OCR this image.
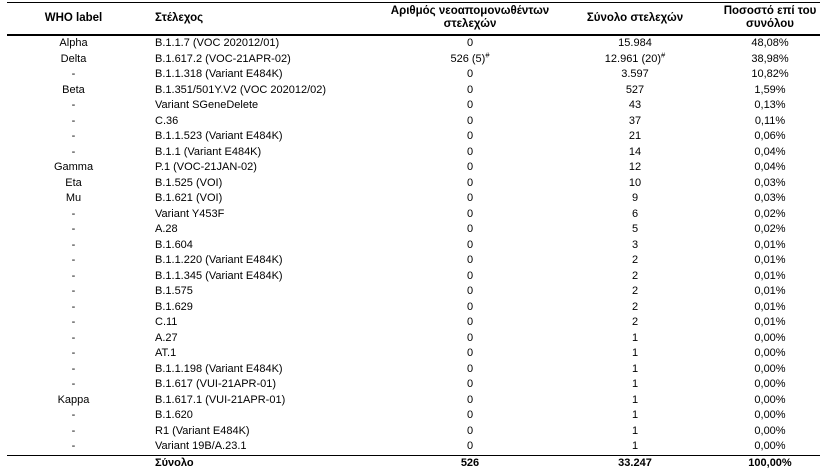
WHO label	Στέλεχος	Αριθμός νεοαπομονωθέντων στελεχών	Σύνολο στελεχών	Ποσοστό επί του συνόλου
Alpha	B.1.1.7 (VOC 202012/01)	0	15.984	48,08%
Delta	B.1.617.2 (VOC-21APR-02)	526 (5)#	12.961 (20)#	38,98%
-	B.1.1.318 (Variant E484K)	0	3.597	10,82%
Beta	B.1.351/501Y.V2 (VOC 202012/02)	0	527	1,59%
-	Variant SGeneDelete	0	43	0,13%
-	C.36	0	37	0,11%
-	B.1.1.523 (Variant E484K)	0	21	0,06%
-	B.1.1 (Variant E484K)	0	14	0,04%
Gamma	P.1 (VOC-21JAN-02)	0	12	0,04%
Eta	B.1.525 (VOI)	0	10	0,03%
Mu	B.1.621 (VOI)	0	9	0,03%
-	Variant Y453F	0	6	0,02%
-	A.28	0	5	0,02%
-	B.1.604	0	3	0,01%
-	B.1.1.220 (Variant E484K)	0	2	0,01%
-	B.1.1.345 (Variant E484K)	0	2	0,01%
-	B.1.575	0	2	0,01%
-	B.1.629	0	2	0,01%
-	C.11	0	2	0,01%
-	A.27	0	1	0,00%
-	AT.1	0	1	0,00%
-	B.1.1.198 (Variant E484K)	0	1	0,00%
-	B.1.617 (VUI-21APR-01)	0	1	0,00%
Kappa	B.1.617.1 (VUI-21APR-01)	0	1	0,00%
-	B.1.620	0	1	0,00%
-	R1 (Variant E484K)	0	1	0,00%
-	Variant 19B/A.23.1	0	1	0,00%
	Σύνολο	526	33.247	100,00%
